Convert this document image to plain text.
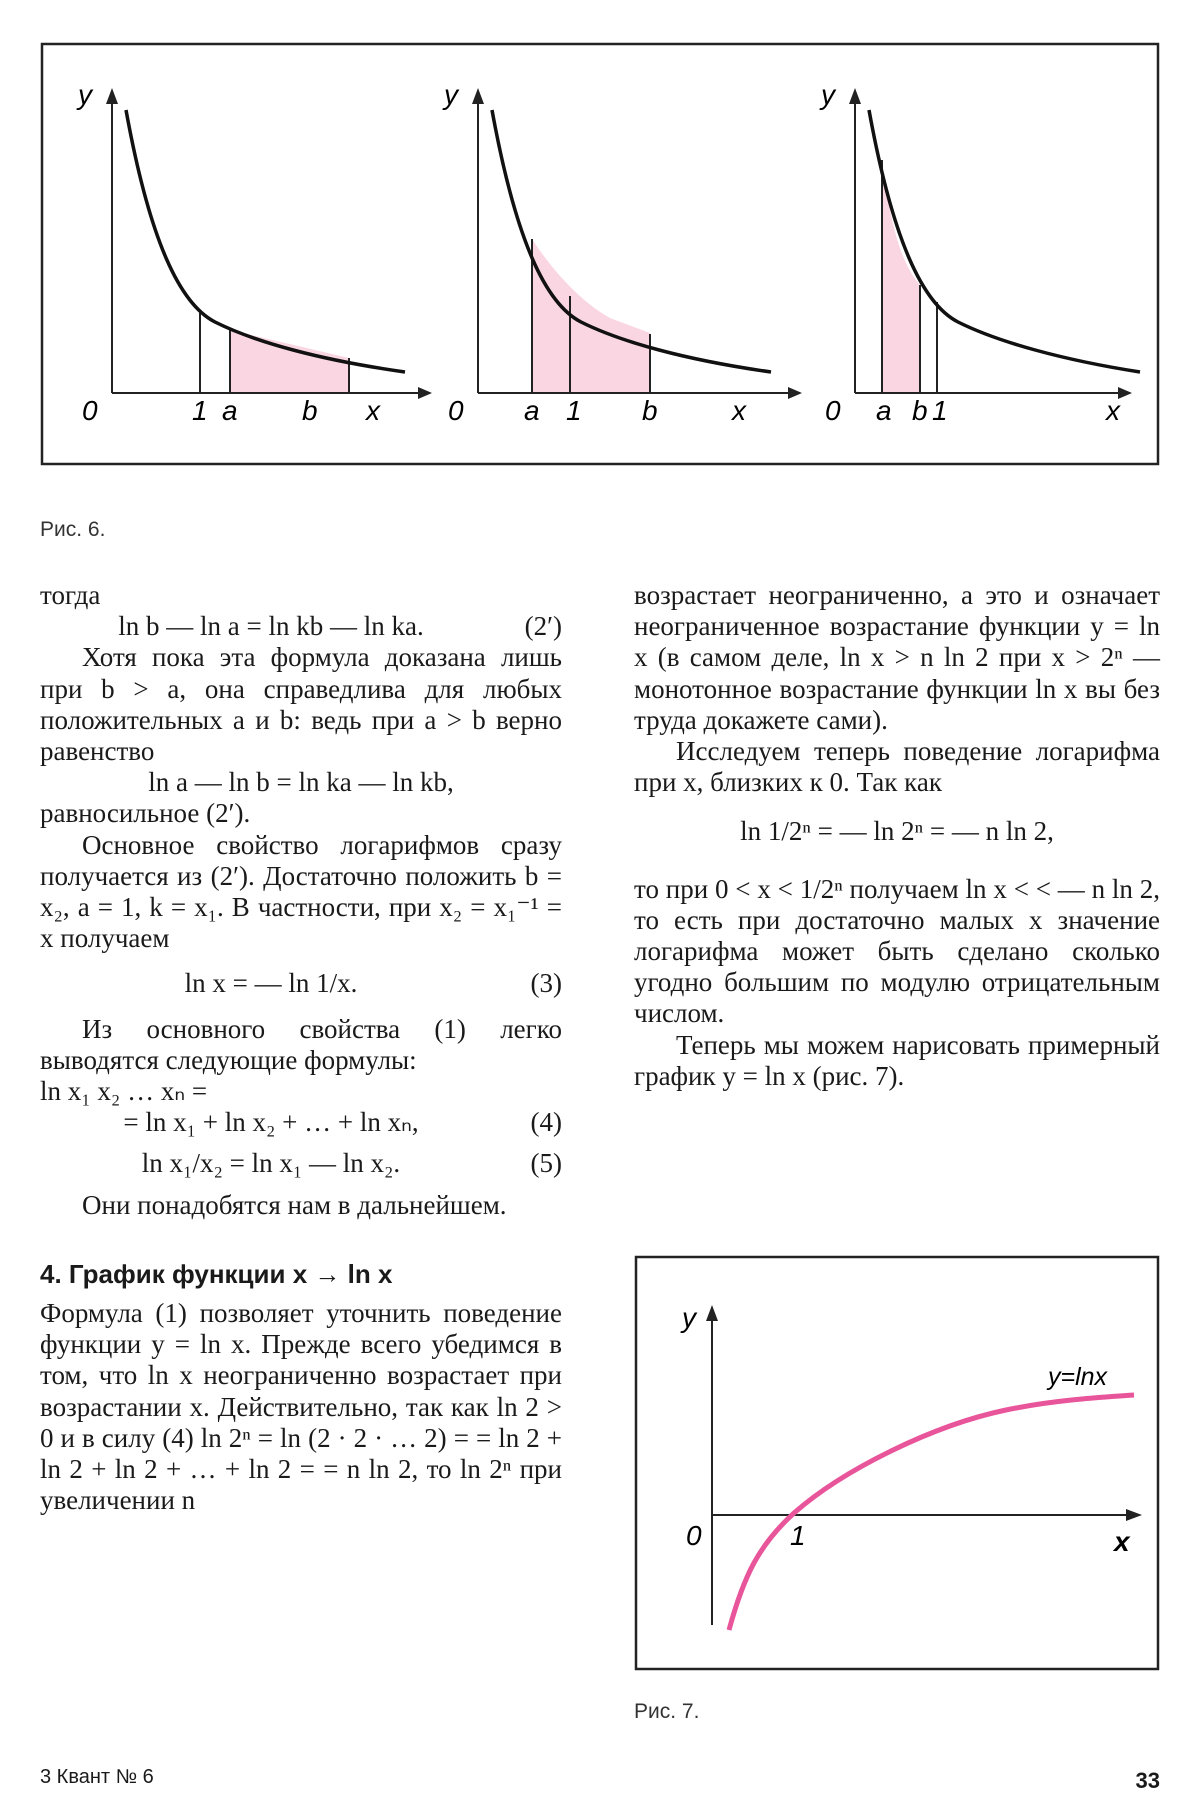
y
0	1 a b x
y
0 a 1 b	x
y
0 a b 1	x
Рис. 6.

тогда

ln b — ln a = ln kb — ln ka.	(2′)

Хотя пока эта формула доказана лишь при b > a, она справедлива для любых положительных a и b: ведь при a > b верно равенство

ln a — ln b = ln ka — ln kb,

равносильное (2′).

Основное свойство логарифмов сразу получается из (2′). Достаточно положить b = x₂, a = 1, k = x₁. В частности, при x₂ = x₁⁻¹ = x получаем

ln x = — ln 1/x.	(3)

Из основного свойства (1) легко выводятся следующие формулы:

ln x₁ x₂ … xₙ =

= ln x₁ + ln x₂ + … + ln xₙ,	(4)
ln x₁/x₂ = ln x₁ — ln x₂.	(5)

Они понадобятся нам в дальнейшем.

4. График функции x → ln x

Формула (1) позволяет уточнить поведение функции y = ln x. Прежде всего убедимся в том, что ln x неограниченно возрастает при возрастании x. Действительно, так как ln 2 > 0 и в силу (4) ln 2ⁿ = ln (2 · 2 · … 2) = = ln 2 + ln 2 + ln 2 + … + ln 2 = = n ln 2, то ln 2ⁿ при увеличении n

возрастает неограниченно, а это и означает неограниченное возрастание функции y = ln x (в самом деле, ln x > n ln 2 при x > 2ⁿ — монотонное возрастание функции ln x вы без труда докажете сами).

Исследуем теперь поведение логарифма при x, близких к 0. Так как

ln 1/2ⁿ = — ln 2ⁿ = — n ln 2,

то при 0 < x < 1/2ⁿ получаем ln x < < — n ln 2, то есть при достаточно малых x значение логарифма может быть сделано сколько угодно большим по модулю отрицательным числом.

Теперь мы можем нарисовать примерный график y = ln x (рис. 7).

y
0	1	x
y=lnx
Рис. 7.
33
3 Квант № 6
